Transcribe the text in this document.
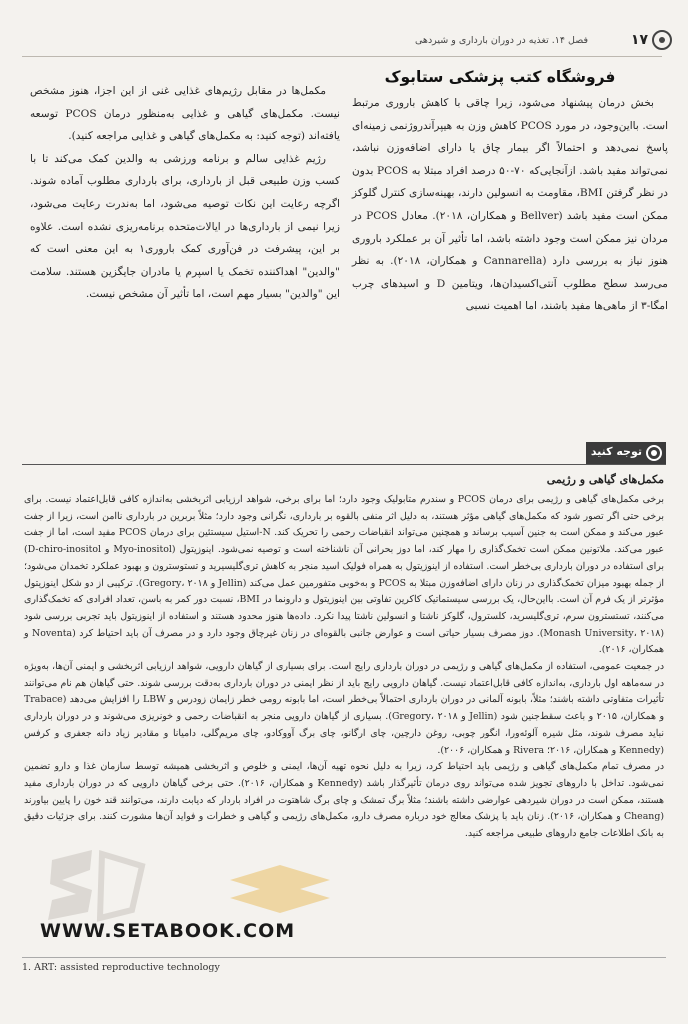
۱۷
فصل ۱۴. تغذیه در دوران بارداری و شیردهی
فروشگاه کتب پزشکی ستابوک

بخش درمان پیشنهاد می‌شود، زیرا چاقی با کاهش باروری مرتبط است. بااین‌وجود، در مورد PCOS کاهش وزن به هیپرآندروژنمی زمینه‌ای پاسخ نمی‌دهد و احتمالاً اگر بیمار چاق یا دارای اضافه‌وزن نباشد، نمی‌تواند مفید باشد. ازآنجایی‌که ۷۰-۵۰ درصد افراد مبتلا به PCOS بدون در نظر گرفتن BMI، مقاومت به انسولین دارند، بهینه‌سازی کنترل گلوکز ممکن است مفید باشد (Bellver و همکاران، ۲۰۱۸). معادل PCOS در مردان نیز ممکن است وجود داشته باشد، اما تأثیر آن بر عملکرد باروری هنوز نیاز به بررسی دارد (Cannarella و همکاران، ۲۰۱۸). به نظر می‌رسد سطح مطلوب آنتی‌اکسیدان‌ها، ویتامین D و اسیدهای چرب امگا-۳ از ماهی‌ها مفید باشند، اما اهمیت نسبی

مکمل‌ها در مقابل رژیم‌های غذایی غنی از این اجزا، هنوز مشخص نیست. مکمل‌های گیاهی و غذایی به‌منظور درمان PCOS توسعه یافته‌اند (توجه کنید: به مکمل‌های گیاهی و غذایی مراجعه کنید).

رژیم غذایی سالم و برنامه ورزشی به والدین کمک می‌کند تا با کسب وزن طبیعی قبل از بارداری، برای بارداری مطلوب آماده شوند. اگرچه رعایت این نکات توصیه می‌شود، اما به‌ندرت رعایت می‌شود، زیرا نیمی از بارداری‌ها در ایالات‌متحده برنامه‌ریزی نشده است. علاوه بر این، پیشرفت در فن‌آوری کمک باروری۱ به این معنی است که "والدین" اهداکننده تخمک یا اسپرم یا مادران جایگزین هستند. سلامت این "والدین" بسیار مهم است، اما تأثیر آن مشخص نیست.

توجه کنید
مکمل‌های گیاهی و رژیمی

برخی مکمل‌های گیاهی و رژیمی برای درمان PCOS و سندرم متابولیک وجود دارد؛ اما برای برخی، شواهد ارزیابی اثربخشی به‌اندازه کافی قابل‌اعتماد نیست. برای برخی حتی اگر تصور شود که مکمل‌های گیاهی مؤثر هستند، به دلیل اثر منفی بالقوه بر بارداری، نگرانی وجود دارد؛ مثلاً بربرین در بارداری ناامن است، زیرا از جفت عبور می‌کند و ممکن است به جنین آسیب برساند و همچنین می‌تواند انقباضات رحمی را تحریک کند. N-استیل سیستئین برای درمان PCOS مفید است، اما از جفت عبور می‌کند. ملاتونین ممکن است تخمک‌گذاری را مهار کند، اما دوز بحرانی آن ناشناخته است و توصیه نمی‌شود. اینوزیتول (Myo-inositol و D-chiro-inositol) برای استفاده در دوران بارداری بی‌خطر است. استفاده از اینوزیتول به همراه فولیک اسید منجر به کاهش تری‌گلیسیرید و تستوسترون و بهبود عملکرد تخمدان می‌شود؛ از جمله بهبود میزان تخمک‌گذاری در زنان دارای اضافه‌وزن مبتلا به PCOS و به‌خوبی متفورمین عمل می‌کند (Jellin و Gregory، ۲۰۱۸). ترکیبی از دو شکل اینوزیتول مؤثرتر از یک فرم آن است. بااین‌حال، یک بررسی سیستماتیک کاکرین تفاوتی بین اینوزیتول و دارونما در BMI، نسبت دور کمر به باسن، تعداد افرادی که تخمک‌گذاری می‌کنند، تستسترون سرم، تری‌گلیسرید، کلسترول، گلوکز ناشتا و انسولین ناشتا پیدا نکرد. داده‌ها هنوز محدود هستند و استفاده از اینوزیتول باید تجربی بررسی شود (Monash University، ۲۰۱۸). دوز مصرف بسیار حیاتی است و عوارض جانبی بالقوه‌ای در زنان غیرچاق وجود دارد و در مصرف آن باید احتیاط کرد (Noventa و همکاران، ۲۰۱۶).

در جمعیت عمومی، استفاده از مکمل‌های گیاهی و رژیمی در دوران بارداری رایج است. برای بسیاری از گیاهان دارویی، شواهد ارزیابی اثربخشی و ایمنی آن‌ها، به‌ویژه در سه‌ماهه اول بارداری، به‌اندازه کافی قابل‌اعتماد نیست. گیاهان دارویی رایج باید از نظر ایمنی در دوران بارداری به‌دقت بررسی شوند. حتی گیاهان هم نام می‌توانند تأثیرات متفاوتی داشته باشند؛ مثلاً، بابونه آلمانی در دوران بارداری احتمالاً بی‌خطر است، اما بابونه رومی خطر زایمان زودرس و LBW را افزایش می‌دهد (Trabace و همکاران، ۲۰۱۵ و باعث سقط‌جنین شود (Jellin و Gregory، ۲۰۱۸). بسیاری از گیاهان دارویی منجر به انقباضات رحمی و خونریزی می‌شوند و در دوران بارداری نباید مصرف شوند، مثل شیره آلوئه‌ورا، انگور چوبی، روغن دارچین، چای ارگانو، چای برگ آووکادو، چای مریم‌گلی، دامیانا و مقادیر زیاد دانه جعفری و کرفس (Kennedy و همکاران، ۲۰۱۶؛ Rivera و همکاران، ۲۰۰۶).

در مصرف تمام مکمل‌های گیاهی و رژیمی باید احتیاط کرد، زیرا به دلیل نحوه تهیه آن‌ها، ایمنی و خلوص و اثربخشی همیشه توسط سازمان غذا و دارو تضمین نمی‌شود. تداخل با داروهای تجویز شده می‌تواند روی درمان تأثیرگذار باشد (Kennedy و همکاران، ۲۰۱۶). حتی برخی گیاهان دارویی که در دوران بارداری مفید هستند، ممکن است در دوران شیردهی عوارضی داشته باشند؛ مثلاً برگ تمشک و چای برگ شاهتوت در افراد باردار که دیابت دارند، می‌توانند قند خون را پایین بیاورند (Cheang و همکاران، ۲۰۱۶). زنان باید با پزشک معالج خود درباره مصرف دارو، مکمل‌های رژیمی و گیاهی و خطرات و فواید آن‌ها مشورت کنند. برای جزئیات دقیق به بانک اطلاعات جامع داروهای طبیعی مراجعه کنید.

WWW.SETABOOK.COM
1. ART: assisted reproductive technology
